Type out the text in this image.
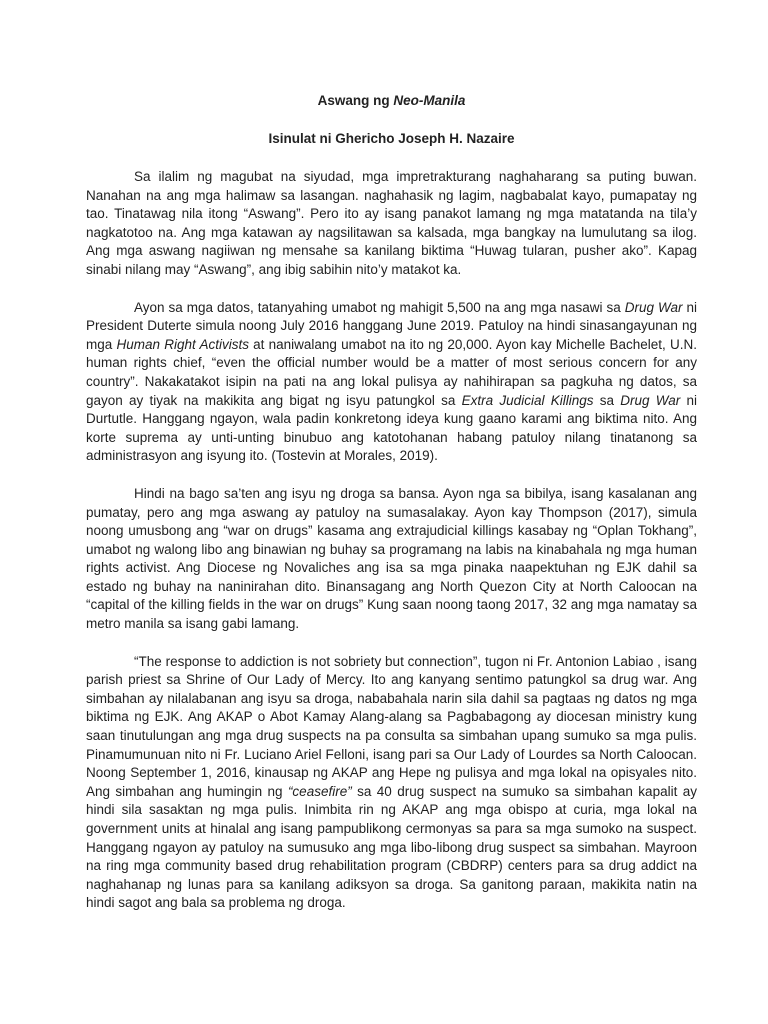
Aswang ng Neo-Manila

Isinulat ni Ghericho Joseph H. Nazaire

Sa ilalim ng magubat na siyudad, mga impretrakturang naghaharang sa puting buwan. Nanahan na ang mga halimaw sa lasangan. naghahasik ng lagim, nagbabalat kayo, pumapatay ng tao. Tinatawag nila itong “Aswang”. Pero ito ay isang panakot lamang ng mga matatanda na tila’y nagkatotoo na. Ang mga katawan ay nagsilitawan sa kalsada, mga bangkay na lumulutang sa ilog. Ang mga aswang nagiiwan ng mensahe sa kanilang biktima “Huwag tularan, pusher ako”. Kapag sinabi nilang may “Aswang”, ang ibig sabihin nito’y matakot ka.

Ayon sa mga datos, tatanyahing umabot ng mahigit 5,500 na ang mga nasawi sa Drug War ni President Duterte simula noong July 2016 hanggang June 2019. Patuloy na hindi sinasangayunan ng mga Human Right Activists at naniwalang umabot na ito ng 20,000. Ayon kay Michelle Bachelet, U.N. human rights chief, “even the official number would be a matter of most serious concern for any country”. Nakakatakot isipin na pati na ang lokal pulisya ay nahihirapan sa pagkuha ng datos, sa gayon ay tiyak na makikita ang bigat ng isyu patungkol sa Extra Judicial Killings sa Drug War ni Durtutle. Hanggang ngayon, wala padin konkretong ideya kung gaano karami ang biktima nito. Ang korte suprema ay unti-unting binubuo ang katotohanan habang patuloy nilang tinatanong sa administrasyon ang isyung ito. (Tostevin at Morales, 2019).

Hindi na bago sa’ten ang isyu ng droga sa bansa. Ayon nga sa bibilya, isang kasalanan ang pumatay, pero ang mga aswang ay patuloy na sumasalakay. Ayon kay Thompson (2017), simula noong umusbong ang “war on drugs” kasama ang extrajudicial killings kasabay ng “Oplan Tokhang”, umabot ng walong libo ang binawian ng buhay sa programang na labis na kinabahala ng mga human rights activist. Ang Diocese ng Novaliches ang isa sa mga pinaka naapektuhan ng EJK dahil sa estado ng buhay na naninirahan dito. Binansagang ang North Quezon City at North Caloocan na “capital of the killing fields in the war on drugs” Kung saan noong taong 2017, 32 ang mga namatay sa metro manila sa isang gabi lamang.

“The response to addiction is not sobriety but connection”, tugon ni Fr. Antonion Labiao , isang parish priest sa Shrine of Our Lady of Mercy. Ito ang kanyang sentimo patungkol sa drug war. Ang simbahan ay nilalabanan ang isyu sa droga, nababahala narin sila dahil sa pagtaas ng datos ng mga biktima ng EJK. Ang AKAP o Abot Kamay Alang-alang sa Pagbabagong ay diocesan ministry kung saan tinutulungan ang mga drug suspects na pa consulta sa simbahan upang sumuko sa mga pulis. Pinamumunuan nito ni Fr. Luciano Ariel Felloni, isang pari sa Our Lady of Lourdes sa North Caloocan. Noong September 1, 2016, kinausap ng AKAP ang Hepe ng pulisya and mga lokal na opisyales nito. Ang simbahan ang humingin ng “ceasefire” sa 40 drug suspect na sumuko sa simbahan kapalit ay hindi sila sasaktan ng mga pulis. Inimbita rin ng AKAP ang mga obispo at curia, mga lokal na government units at hinalal ang isang pampublikong cermonyas sa para sa mga sumoko na suspect. Hanggang ngayon ay patuloy na sumusuko ang mga libo-libong drug suspect sa simbahan. Mayroon na ring mga community based drug rehabilitation program (CBDRP) centers para sa drug addict na naghahanap ng lunas para sa kanilang adiksyon sa droga. Sa ganitong paraan, makikita natin na hindi sagot ang bala sa problema ng droga.
